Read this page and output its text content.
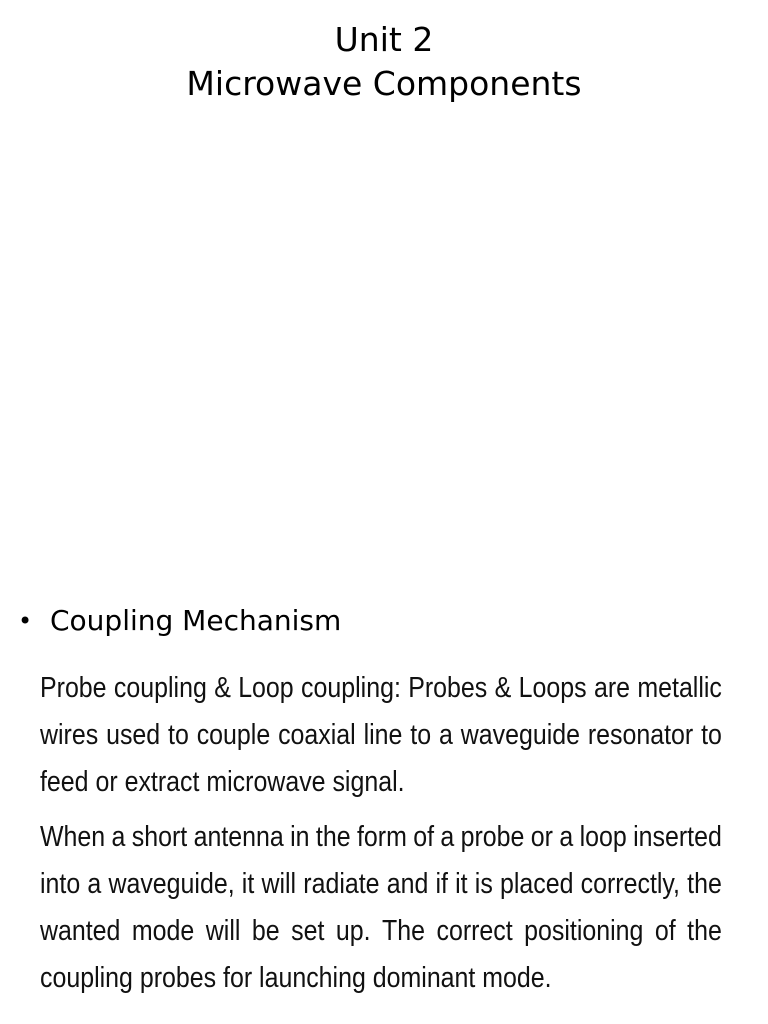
Unit 2
Microwave Components
• Coupling Mechanism
Probe coupling & Loop coupling: Probes & Loops are metallic
wires used to couple coaxial line to a waveguide resonator to
feed or extract microwave signal.
When a short antenna in the form of a probe or a loop inserted
into a waveguide, it will radiate and if it is placed correctly, the
wanted mode will be set up. The correct positioning of the
coupling probes for launching dominant mode.
